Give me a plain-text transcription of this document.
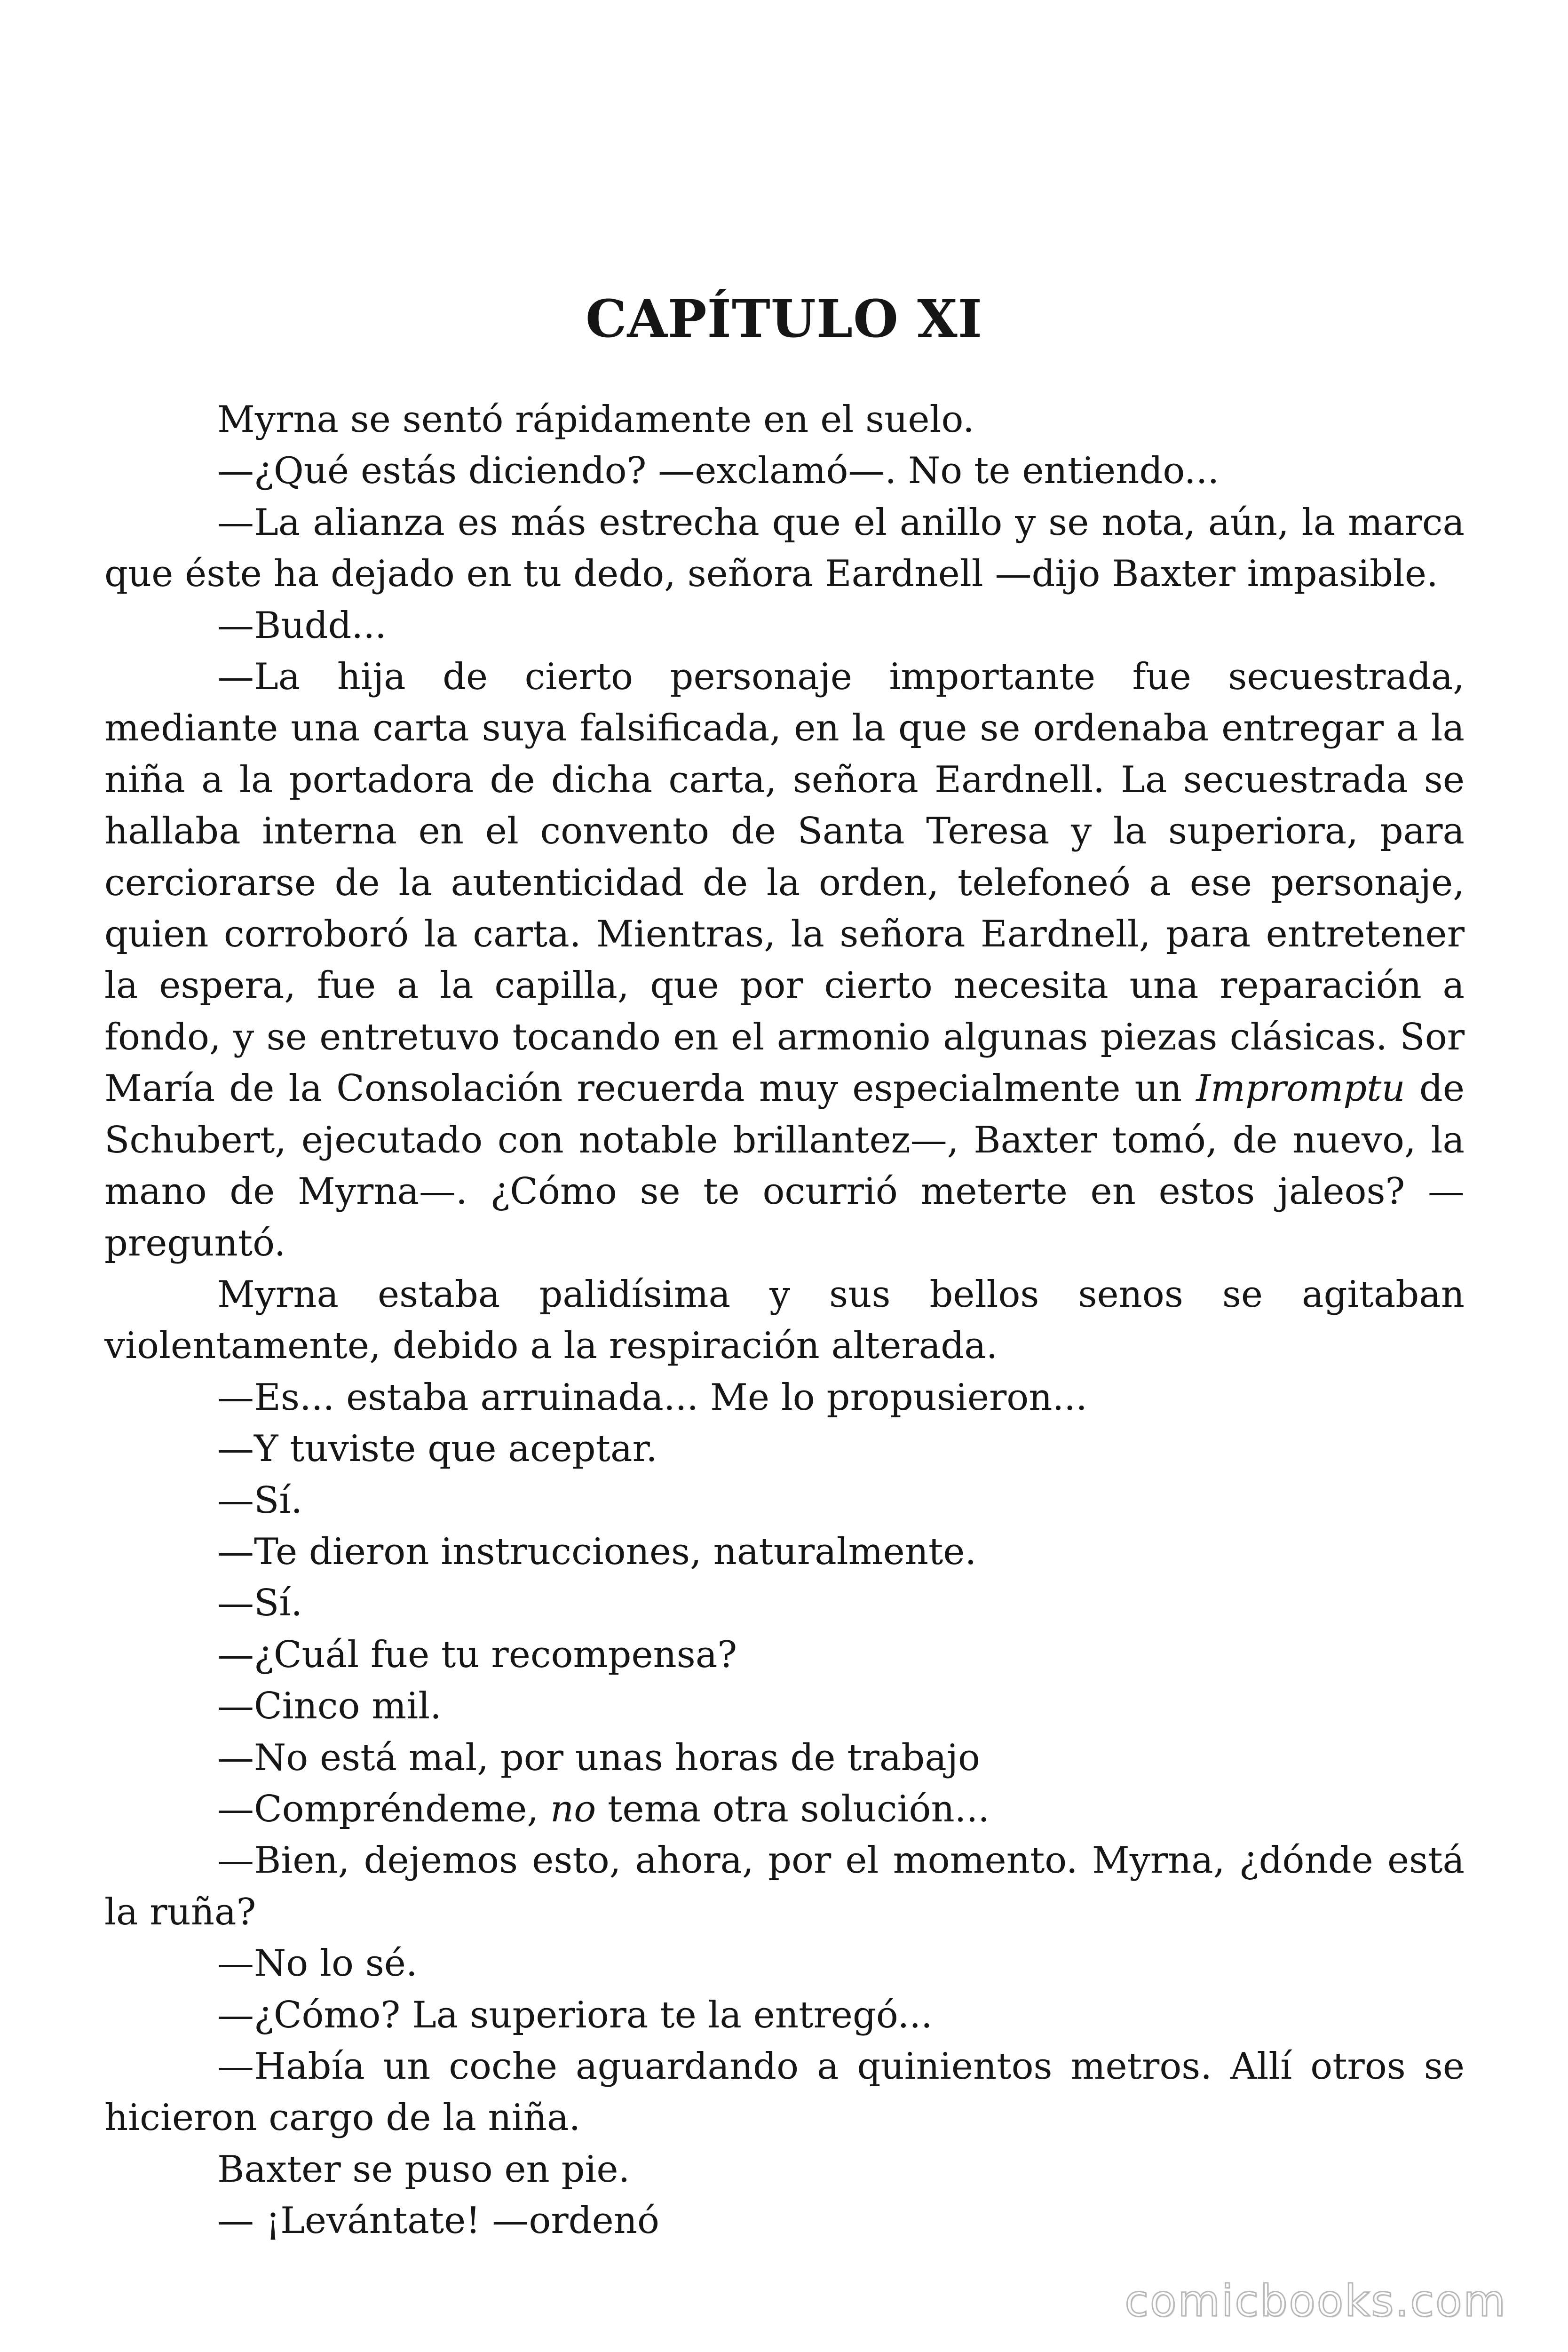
CAPÍTULO XI

Myrna se sentó rápidamente en el suelo.

—¿Qué estás diciendo? —exclamó—. No te entiendo...

—La alianza es más estrecha que el anillo y se nota, aún, la marca que éste ha dejado en tu dedo, señora Eardnell —dijo Baxter impasible.

—Budd...

—La hija de cierto personaje importante fue secuestrada, mediante una carta suya falsificada, en la que se ordenaba entregar a la niña a la portadora de dicha carta, señora Eardnell. La secuestrada se hallaba interna en el convento de Santa Teresa y la superiora, para cerciorarse de la autenticidad de la orden, telefoneó a ese personaje, quien corroboró la carta. Mientras, la señora Eardnell, para entretener la espera, fue a la capilla, que por cierto necesita una reparación a fondo, y se entretuvo tocando en el armonio algunas piezas clásicas. Sor María de la Consolación recuerda muy especialmente un Impromptu de Schubert, ejecutado con notable brillantez—, Baxter tomó, de nuevo, la mano de Myrna—. ¿Cómo se te ocurrió meterte en estos jaleos? —preguntó.

Myrna estaba palidísima y sus bellos senos se agitaban violentamente, debido a la respiración alterada.

—Es... estaba arruinada... Me lo propusieron...

—Y tuviste que aceptar.

—Sí.

—Te dieron instrucciones, naturalmente.

—Sí.

—¿Cuál fue tu recompensa?

—Cinco mil.

—No está mal, por unas horas de trabajo

—Compréndeme, no tema otra solución...

—Bien, dejemos esto, ahora, por el momento. Myrna, ¿dónde está la ruña?

—No lo sé.

—¿Cómo? La superiora te la entregó...

—Había un coche aguardando a quinientos metros. Allí otros se hicieron cargo de la niña.

Baxter se puso en pie.

— ¡Levántate! —ordenó

comicbooks.com
